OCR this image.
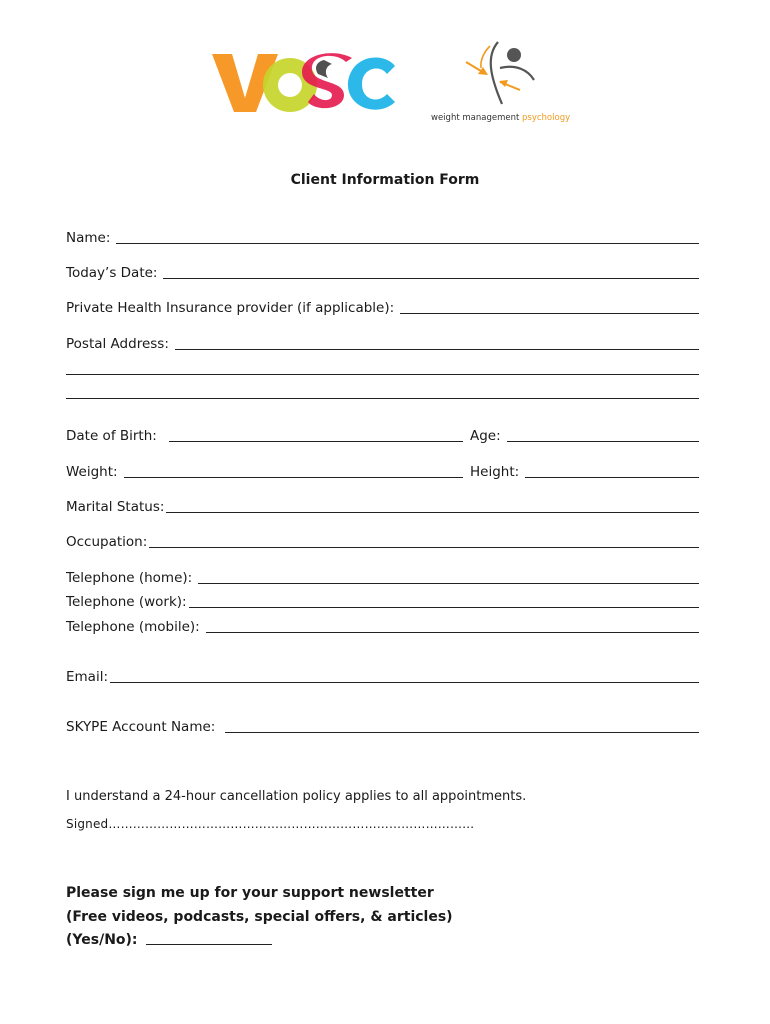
weight management psychology
Client Information Form
Name:
Today’s Date:
Private Health Insurance provider (if applicable):
Postal Address:
Date of Birth:	Age:
Weight:	Height:
Marital Status:
Occupation:
Telephone (home):
Telephone (work):
Telephone (mobile):
Email:
SKYPE Account Name:
I understand a 24-hour cancellation policy applies to all appointments.
Signed………………………………………………………………………………
Please sign me up for your support newsletter
(Free videos, podcasts, special offers, & articles)
(Yes/No):
